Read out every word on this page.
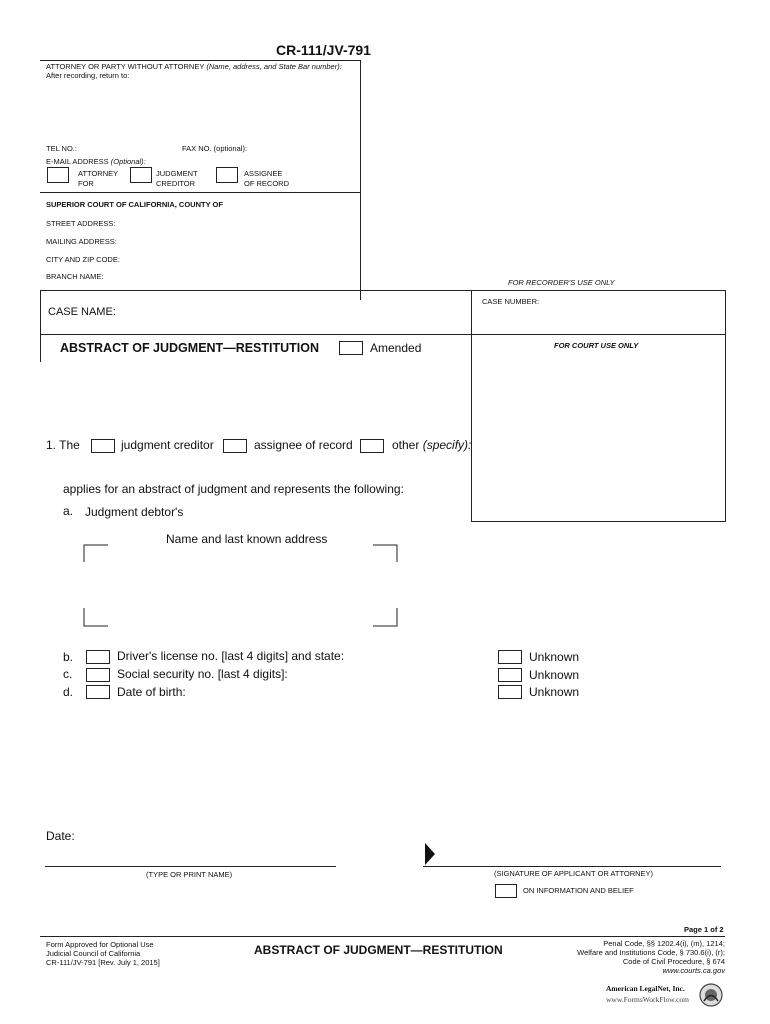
CR-111/JV-791
ATTORNEY OR PARTY WITHOUT ATTORNEY (Name, address, and State Bar number):
After recording, return to:
TEL NO.:	FAX NO. (optional):
E-MAIL ADDRESS (Optional):
ATTORNEY
FOR
JUDGMENT
CREDITOR
ASSIGNEE
OF RECORD
SUPERIOR COURT OF CALIFORNIA, COUNTY OF
STREET ADDRESS:
MAILING ADDRESS:
CITY AND ZIP CODE:
BRANCH NAME:
FOR RECORDER'S USE ONLY
CASE NAME:
CASE NUMBER:
FOR COURT USE ONLY
ABSTRACT OF JUDGMENT—RESTITUTION	Amended
1. The	judgment creditor	assignee of record	other (specify):
applies for an abstract of judgment and represents the following:
a. Judgment debtor's
Name and last known address
b.	Driver's license no. [last 4 digits] and state:	Unknown
c.	Social security no. [last 4 digits]:	Unknown
d.	Date of birth:	Unknown
Date:
(TYPE OR PRINT NAME)	(SIGNATURE OF APPLICANT OR ATTORNEY)
ON INFORMATION AND BELIEF
Page 1 of 2
Form Approved for Optional Use
Judicial Council of California
CR-111/JV-791 [Rev. July 1, 2015]
ABSTRACT OF JUDGMENT—RESTITUTION	Penal Code, §§ 1202.4(i), (m), 1214;
Welfare and Institutions Code, § 730.6(i), (r);
Code of Civil Procedure, § 674
www.courts.ca.gov
American LegalNet, Inc.
www.FormsWorkFlow.com
